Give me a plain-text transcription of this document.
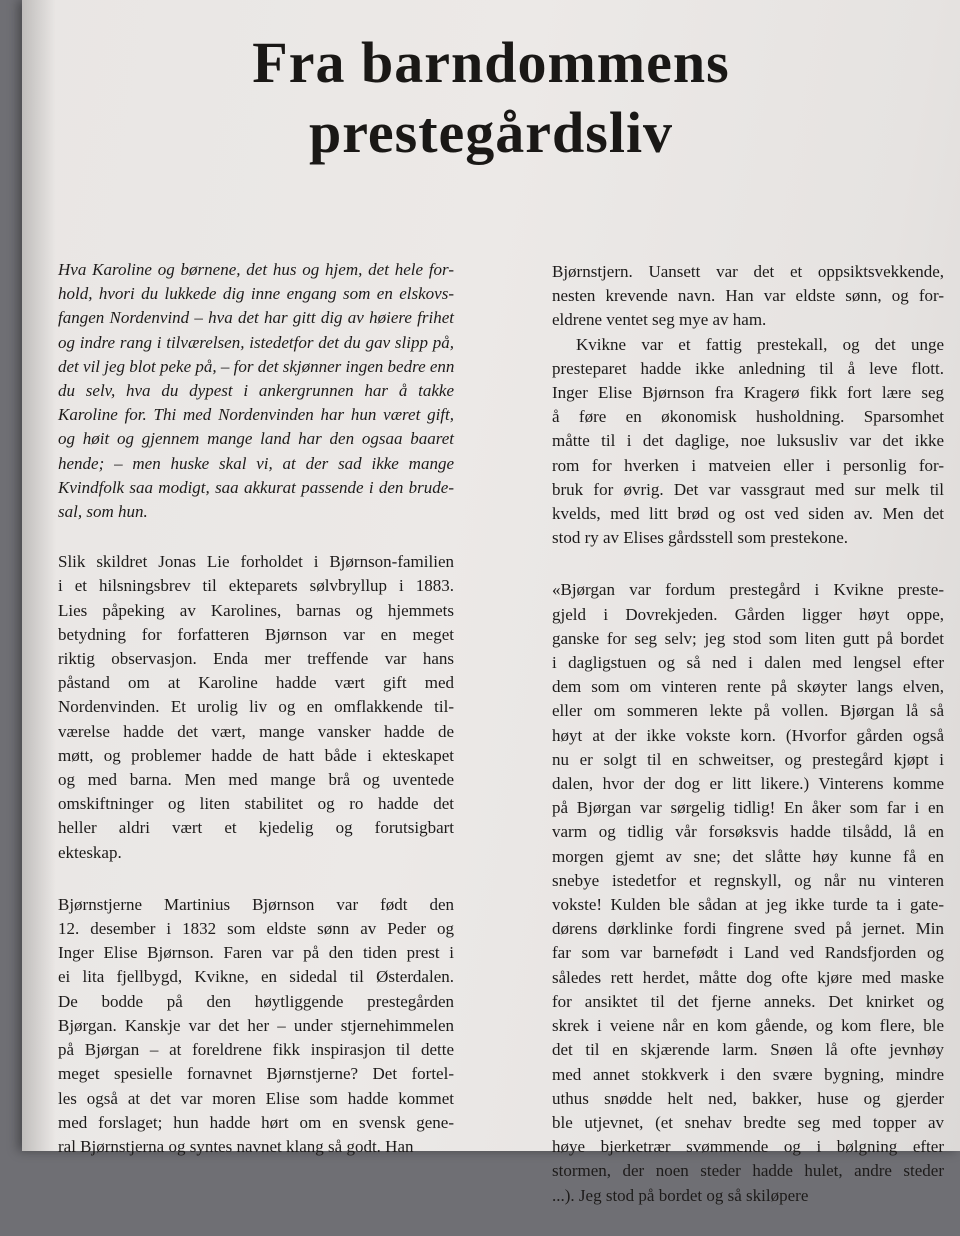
Fra barndommens
prestegårdsliv
Hva Karoline og børnene, det hus og hjem, det hele for-
hold, hvori du lukkede dig inne engang som en elskovs-
fangen Nordenvind – hva det har gitt dig av høiere frihet
og indre rang i tilværelsen, istedetfor det du gav slipp på,
det vil jeg blot peke på, – for det skjønner ingen bedre enn
du selv, hva du dypest i ankergrunnen har å takke
Karoline for. Thi med Nordenvinden har hun været gift,
og høit og gjennem mange land har den ogsaa baaret
hende; – men huske skal vi, at der sad ikke mange
Kvindfolk saa modigt, saa akkurat passende i den brude-
sal, som hun.
Slik skildret Jonas Lie forholdet i Bjørnson-familien
i et hilsningsbrev til ekteparets sølvbryllup i 1883.
Lies påpeking av Karolines, barnas og hjemmets
betydning for forfatteren Bjørnson var en meget
riktig observasjon. Enda mer treffende var hans
påstand om at Karoline hadde vært gift med
Nordenvinden. Et urolig liv og en omflakkende til-
værelse hadde det vært, mange vansker hadde de
møtt, og problemer hadde de hatt både i ekteskapet
og med barna. Men med mange brå og uventede
omskiftninger og liten stabilitet og ro hadde det
heller aldri vært et kjedelig og forutsigbart
ekteskap.
Bjørnstjerne Martinius Bjørnson var født den
12. desember i 1832 som eldste sønn av Peder og
Inger Elise Bjørnson. Faren var på den tiden prest i
ei lita fjellbygd, Kvikne, en sidedal til Østerdalen.
De bodde på den høytliggende prestegården
Bjørgan. Kanskje var det her – under stjernehimmelen
på Bjørgan – at foreldrene fikk inspirasjon til dette
meget spesielle fornavnet Bjørnstjerne? Det fortel-
les også at det var moren Elise som hadde kommet
med forslaget; hun hadde hørt om en svensk gene-
ral Bjørnstjerna og syntes navnet klang så godt. Han
Bjørnstjern. Uansett var det et oppsiktsvekkende,
nesten krevende navn. Han var eldste sønn, og for-
eldrene ventet seg mye av ham.
Kvikne var et fattig prestekall, og det unge
presteparet hadde ikke anledning til å leve flott.
Inger Elise Bjørnson fra Kragerø fikk fort lære seg
å føre en økonomisk husholdning. Sparsomhet
måtte til i det daglige, noe luksusliv var det ikke
rom for hverken i matveien eller i personlig for-
bruk for øvrig. Det var vassgraut med sur melk til
kvelds, med litt brød og ost ved siden av. Men det
stod ry av Elises gårdsstell som prestekone.
«Bjørgan var fordum prestegård i Kvikne preste-
gjeld i Dovrekjeden. Gården ligger høyt oppe,
ganske for seg selv; jeg stod som liten gutt på bordet
i dagligstuen og så ned i dalen med lengsel efter
dem som om vinteren rente på skøyter langs elven,
eller om sommeren lekte på vollen. Bjørgan lå så
høyt at der ikke vokste korn. (Hvorfor gården også
nu er solgt til en schweitser, og prestegård kjøpt i
dalen, hvor der dog er litt likere.) Vinterens komme
på Bjørgan var sørgelig tidlig! En åker som far i en
varm og tidlig vår forsøksvis hadde tilsådd, lå en
morgen gjemt av sne; det slåtte høy kunne få en
snebye istedetfor et regnskyll, og når nu vinteren
vokste! Kulden ble sådan at jeg ikke turde ta i gate-
dørens dørklinke fordi fingrene sved på jernet. Min
far som var barnefødt i Land ved Randsfjorden og
således rett herdet, måtte dog ofte kjøre med maske
for ansiktet til det fjerne anneks. Det knirket og
skrek i veiene når en kom gående, og kom flere, ble
det til en skjærende larm. Snøen lå ofte jevnhøy
med annet stokkverk i den svære bygning, mindre
uthus snødde helt ned, bakker, huse og gjerder
ble utjevnet, (et snehav bredte seg med topper av
høye bjerketrær svømmende og i bølgning efter
stormen, der noen steder hadde hulet, andre steder
...). Jeg stod på bordet og så skiløpere
